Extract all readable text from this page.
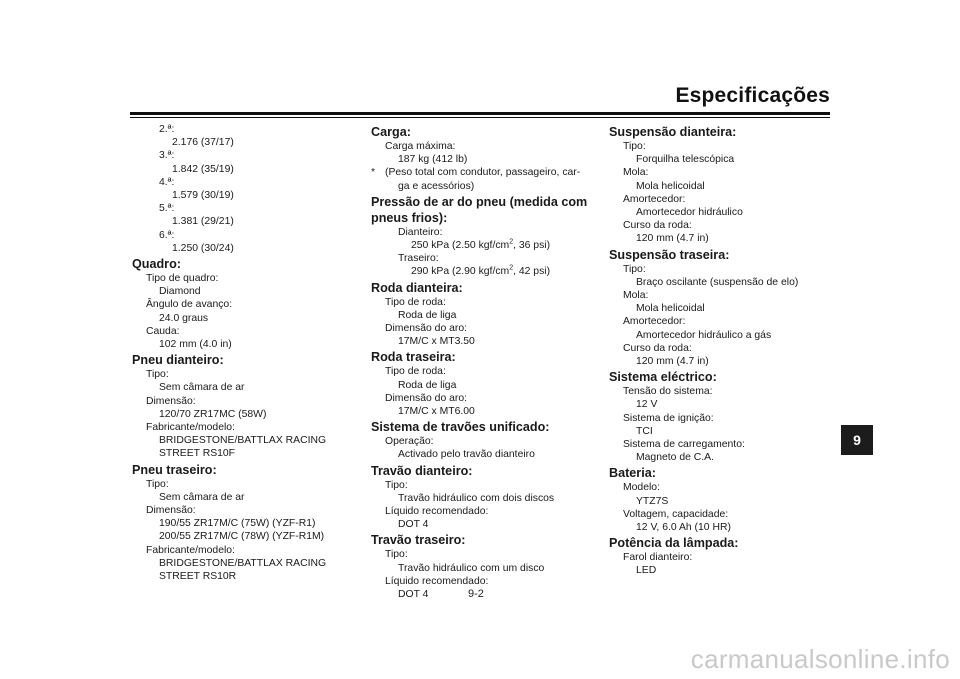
Especificações
2.ª:
2.176 (37/17)
3.ª:
1.842 (35/19)
4.ª:
1.579 (30/19)
5.ª:
1.381 (29/21)
6.ª:
1.250 (30/24)
Quadro:
Tipo de quadro:
Diamond
Ângulo de avanço:
24.0 graus
Cauda:
102 mm (4.0 in)
Pneu dianteiro:
Tipo:
Sem câmara de ar
Dimensão:
120/70 ZR17MC (58W)
Fabricante/modelo:
BRIDGESTONE/BATTLAX RACING
STREET RS10F
Pneu traseiro:
Tipo:
Sem câmara de ar
Dimensão:
190/55 ZR17M/C (75W) (YZF-R1)
200/55 ZR17M/C (78W) (YZF-R1M)
Fabricante/modelo:
BRIDGESTONE/BATTLAX RACING
STREET RS10R
Carga:
Carga máxima:
187 kg (412 lb)
* (Peso total com condutor, passageiro, car-
ga e acessórios)
Pressão de ar do pneu (medida com
pneus frios):
Dianteiro:
250 kPa (2.50 kgf/$cm^2$, 36 psi)
Traseiro:
290 kPa (2.90 kgf/$cm^2$, 42 psi)
Roda dianteira:
Tipo de roda:
Roda de liga
Dimensão do aro:
17M/C x MT3.50
Roda traseira:
Tipo de roda:
Roda de liga
Dimensão do aro:
17M/C x MT6.00
Sistema de travões unificado:
Operação:
Activado pelo travão dianteiro
Travão dianteiro:
Tipo:
Travão hidráulico com dois discos
Líquido recomendado:
DOT 4
Travão traseiro:
Tipo:
Travão hidráulico com um disco
Líquido recomendado:
DOT 4
Suspensão dianteira:
Tipo:
Forquilha telescópica
Mola:
Mola helicoidal
Amortecedor:
Amortecedor hidráulico
Curso da roda:
120 mm (4.7 in)
Suspensão traseira:
Tipo:
Braço oscilante (suspensão de elo)
Mola:
Mola helicoidal
Amortecedor:
Amortecedor hidráulico a gás
Curso da roda:
120 mm (4.7 in)
Sistema eléctrico:
Tensão do sistema:
12 V
Sistema de ignição:
TCI
Sistema de carregamento:
Magneto de C.A.
Bateria:
Modelo:
YTZ7S
Voltagem, capacidade:
12 V, 6.0 Ah (10 HR)
Potência da lâmpada:
Farol dianteiro:
LED
9
9-2
carmanualsonline.info
